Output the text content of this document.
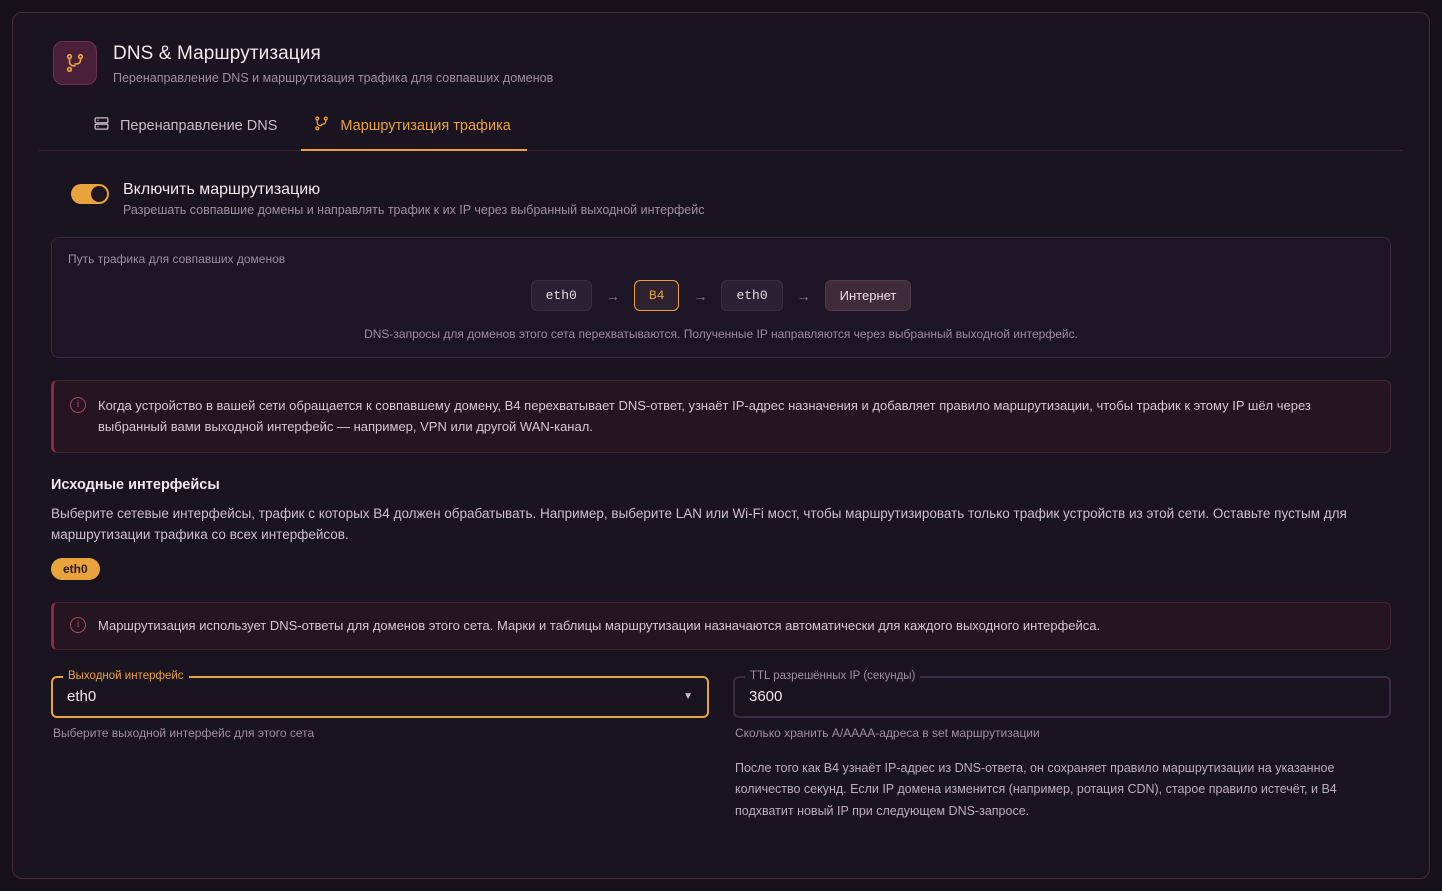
DNS & Маршрутизация
Перенаправление DNS и маршрутизация трафика для совпавших доменов
Перенаправление DNS	Маршрутизация трафика
Включить маршрутизацию
Разрешать совпавшие домены и направлять трафик к их IP через выбранный выходной интерфейс
Путь трафика для совпавших доменов
eth0	→	B4	→	eth0	→	Интернет
DNS-запросы для доменов этого сета перехватываются. Полученные IP направляются через выбранный выходной интерфейс.
i	Когда устройство в вашей сети обращается к совпавшему домену, B4 перехватывает DNS-ответ, узнаёт IP-адрес назначения и добавляет правило маршрутизации, чтобы трафик к этому IP шёл через выбранный вами выходной интерфейс — например, VPN или другой WAN-канал.
Исходные интерфейсы
Выберите сетевые интерфейсы, трафик с которых B4 должен обрабатывать. Например, выберите LAN или Wi-Fi мост, чтобы маршрутизировать только трафик устройств из этой сети. Оставьте пустым для маршрутизации трафика со всех интерфейсов.
eth0
i	Маршрутизация использует DNS-ответы для доменов этого сета. Марки и таблицы маршрутизации назначаются автоматически для каждого выходного интерфейса.
Выходной интерфейс
eth0	▼
Выберите выходной интерфейс для этого сета
TTL разрешённых IP (секунды)
3600
Сколько хранить A/AAAA-адреса в set маршрутизации
После того как B4 узнаёт IP-адрес из DNS-ответа, он сохраняет правило маршрутизации на указанное количество секунд. Если IP домена изменится (например, ротация CDN), старое правило истечёт, и B4 подхватит новый IP при следующем DNS-запросе.
